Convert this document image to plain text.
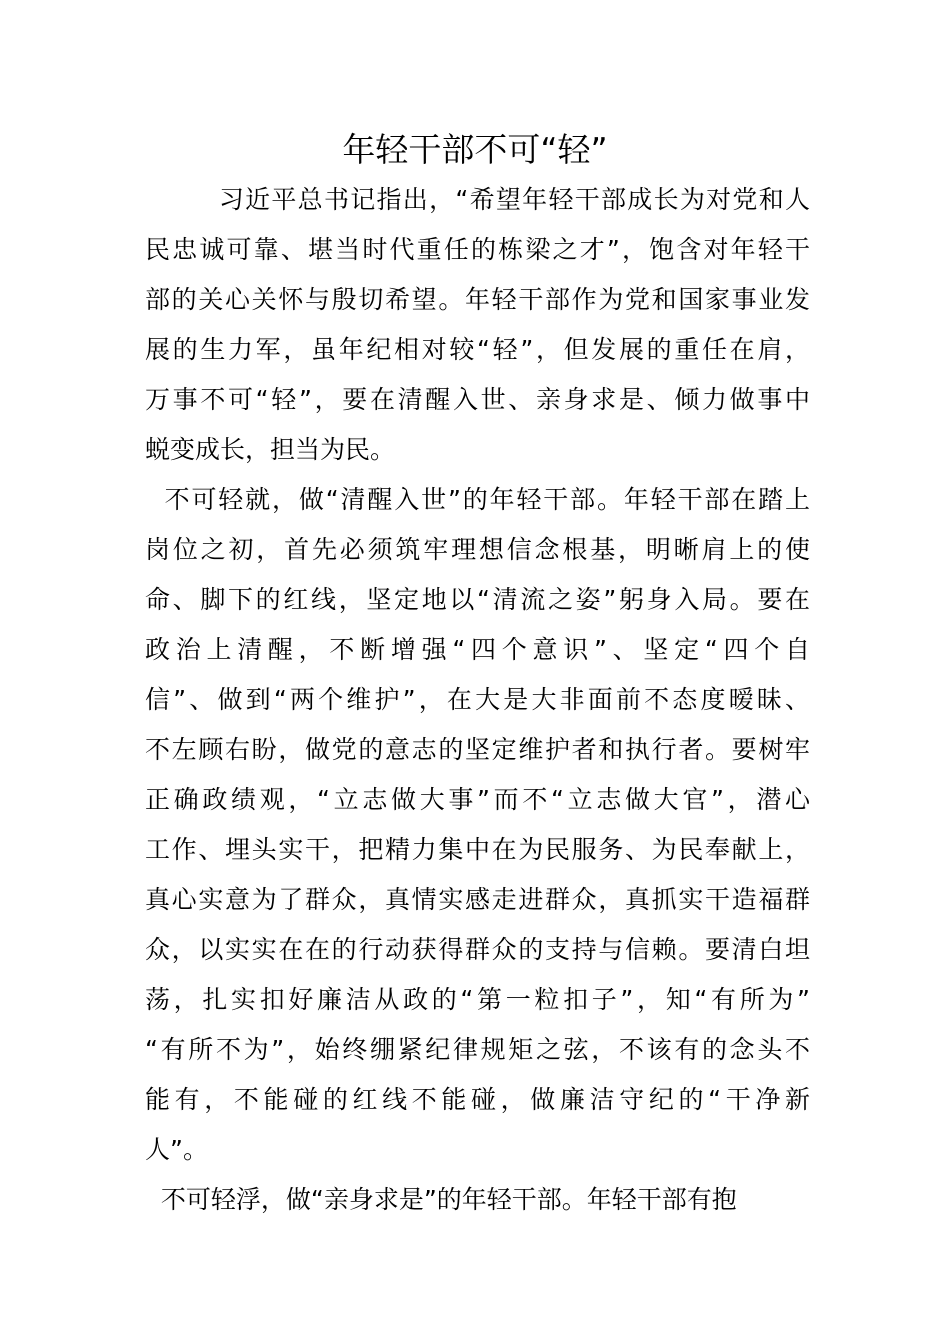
年轻干部不可“轻”
习近平总书记指出，“希望年轻干部成长为对党和人
民忠诚可靠、堪当时代重任的栋梁之才”，饱含对年轻干
部的关心关怀与殷切希望。年轻干部作为党和国家事业发
展的生力军，虽年纪相对较“轻”，但发展的重任在肩，
万事不可“轻”，要在清醒入世、亲身求是、倾力做事中
蜕变成长，担当为民。
不可轻就，做“清醒入世”的年轻干部。年轻干部在踏上
岗位之初，首先必须筑牢理想信念根基，明晰肩上的使
命、脚下的红线，坚定地以“清流之姿”躬身入局。要在
政治上清醒，不断增强“四个意识”、坚定“四个自
信”、做到“两个维护”，在大是大非面前不态度暧昧、
不左顾右盼，做党的意志的坚定维护者和执行者。要树牢
正确政绩观，“立志做大事”而不“立志做大官”，潜心
工作、埋头实干，把精力集中在为民服务、为民奉献上，
真心实意为了群众，真情实感走进群众，真抓实干造福群
众，以实实在在的行动获得群众的支持与信赖。要清白坦
荡，扎实扣好廉洁从政的“第一粒扣子”，知“有所为”
“有所不为”，始终绷紧纪律规矩之弦，不该有的念头不
能有，不能碰的红线不能碰，做廉洁守纪的“干净新
人”。
不可轻浮，做“亲身求是”的年轻干部。年轻干部有抱
